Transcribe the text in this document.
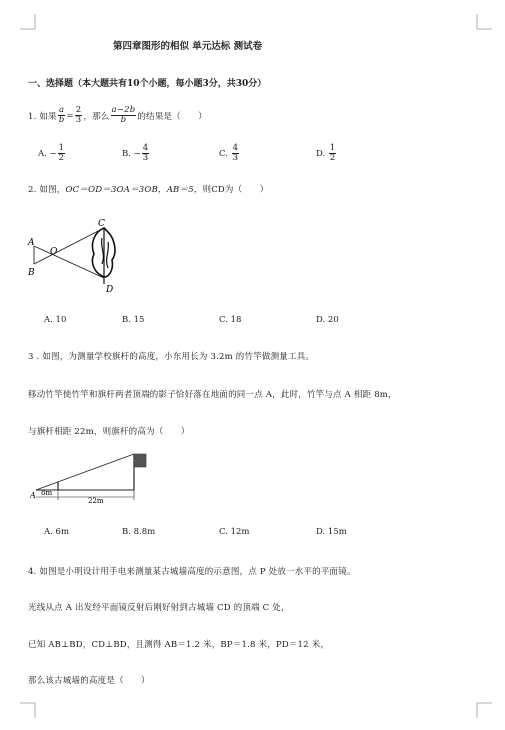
第四章图形的相似 单元达标 测试卷
一、选择题（本大题共有10个小题，每小题3分，共30分）
1. 如果 $\frac{a}{b} = \frac{2}{3}$ ，那么 $\frac{a-2b}{b}$ 的结果是（　　）
A.
− $\frac{1}{2}$	B.
− $\frac{4}{3}$	C.
$\frac{4}{3}$	D.
$\frac{1}{2}$
2. 如图，OC＝OD＝3OA＝3OB，AB＝5，则CD为（　　）
A
B
O
C
D
A. 10	B. 15	C. 18	D. 20
3 . 如图，为测量学校旗杆的高度，小东用长为 3.2m 的竹竿做测量工具。
移动竹竿使竹竿和旗杆两者顶端的影子恰好落在地面的同一点 A，此时，竹竿与点 A 相距 8m，
与旗杆相距 22m，则旗杆的高为（　　）
A 8m
22m
A. 6m	B. 8.8m	C. 12m	D. 15m
4. 如图是小明设计用手电来测量某古城墙高度的示意图，点 P 处放一水平的平面镜。
光线从点 A 出发经平面镜反射后刚好射到古城墙 CD 的顶端 C 处，
已知 AB⊥BD，CD⊥BD，且测得 AB＝1.2 米，BP＝1.8 米，PD＝12 米，
那么该古城墙的高度是（　　）
